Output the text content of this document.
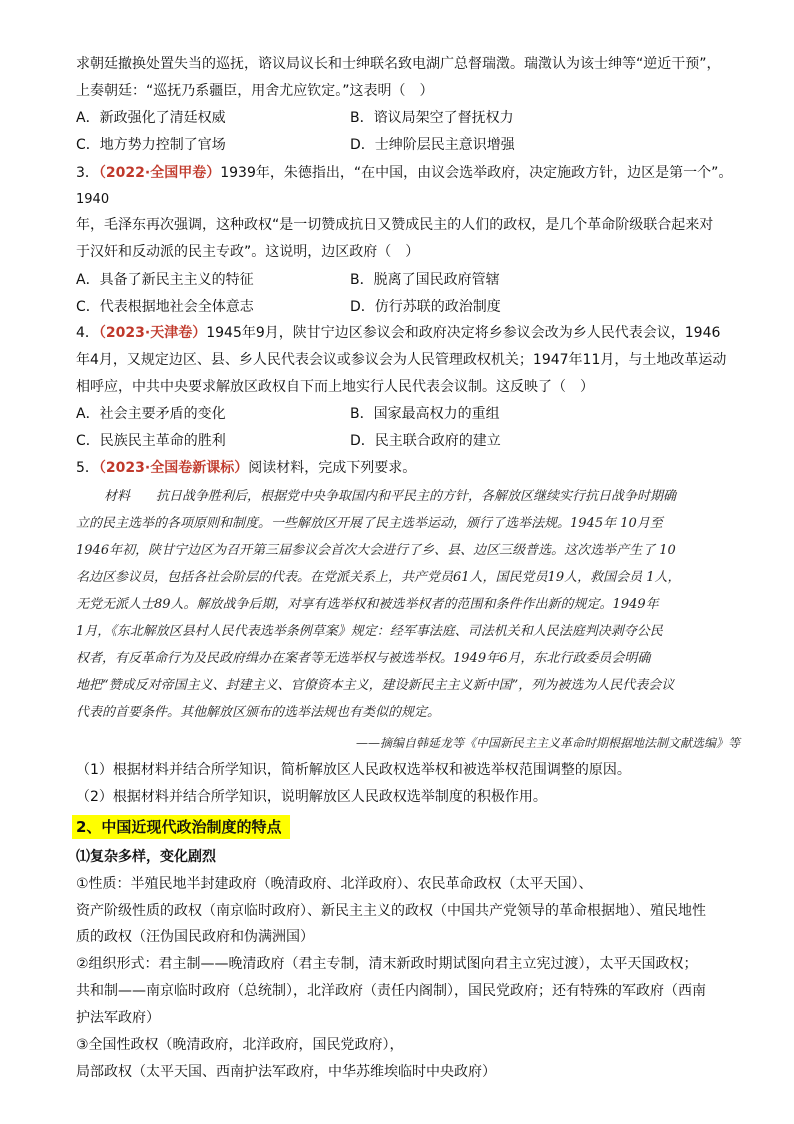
求朝廷撤换处置失当的巡抚，谘议局议长和士绅联名致电湖广总督瑞澂。瑞澂认为该士绅等“逆近干预”，
上奏朝廷：“巡抚乃系疆臣，用舍尤应钦定。”这表明（　）
A．新政强化了清廷权威	B．谘议局架空了督抚权力
C．地方势力控制了官场	D．士绅阶层民主意识增强
3．（2022·全国甲卷）1939年，朱德指出，“在中国，由议会选举政府，决定施政方针，边区是第一个”。
1940
年，毛泽东再次强调，这种政权“是一切赞成抗日又赞成民主的人们的政权，是几个革命阶级联合起来对
于汉奸和反动派的民主专政”。这说明，边区政府（　）
A．具备了新民主主义的特征	B．脱离了国民政府管辖
C．代表根据地社会全体意志	D．仿行苏联的政治制度
4．（2023·天津卷）1945年9月，陕甘宁边区参议会和政府决定将乡参议会改为乡人民代表会议，1946
年4月，又规定边区、县、乡人民代表会议或参议会为人民管理政权机关；1947年11月，与土地改革运动
相呼应，中共中央要求解放区政权自下而上地实行人民代表会议制。这反映了（　）
A．社会主要矛盾的变化	B．国家最高权力的重组
C．民族民主革命的胜利	D．民主联合政府的建立
5．（2023·全国卷新课标）阅读材料，完成下列要求。
材料　　抗日战争胜利后，根据党中央争取国内和平民主的方针，各解放区继续实行抗日战争时期确
立的民主选举的各项原则和制度。一些解放区开展了民主选举运动，颁行了选举法规。1945年 10月至
1946年初，陕甘宁边区为召开第三届参议会首次大会进行了乡、县、边区三级普选。这次选举产生了 10
名边区参议员，包括各社会阶层的代表。在党派关系上，共产党员61人，国民党员19人，救国会员 1人，
无党无派人士89人。解放战争后期，对享有选举权和被选举权者的范围和条件作出新的规定。1949年
1月，《东北解放区县村人民代表选举条例草案》规定：经军事法庭、司法机关和人民法庭判决剥夺公民
权者，有反革命行为及民政府缉办在案者等无选举权与被选举权。1949年6月，东北行政委员会明确
地把“赞成反对帝国主义、封建主义、官僚资本主义，建设新民主主义新中国”，列为被选为人民代表会议
代表的首要条件。其他解放区颁布的选举法规也有类似的规定。
——摘编自韩延龙等《中国新民主主义革命时期根据地法制文献选编》等
（1）根据材料并结合所学知识，简析解放区人民政权选举权和被选举权范围调整的原因。
（2）根据材料并结合所学知识，说明解放区人民政权选举制度的积极作用。
2、中国近现代政治制度的特点
⑴复杂多样，变化剧烈
①性质：半殖民地半封建政府（晚清政府、北洋政府）、农民革命政权（太平天国）、
资产阶级性质的政权（南京临时政府）、新民主主义的政权（中国共产党领导的革命根据地）、殖民地性
质的政权（汪伪国民政府和伪满洲国）
②组织形式：君主制——晚清政府（君主专制，清末新政时期试图向君主立宪过渡），太平天国政权；
共和制——南京临时政府（总统制），北洋政府（责任内阁制），国民党政府；还有特殊的军政府（西南
护法军政府）
③全国性政权（晚清政府，北洋政府，国民党政府），
局部政权（太平天国、西南护法军政府，中华苏维埃临时中央政府）
